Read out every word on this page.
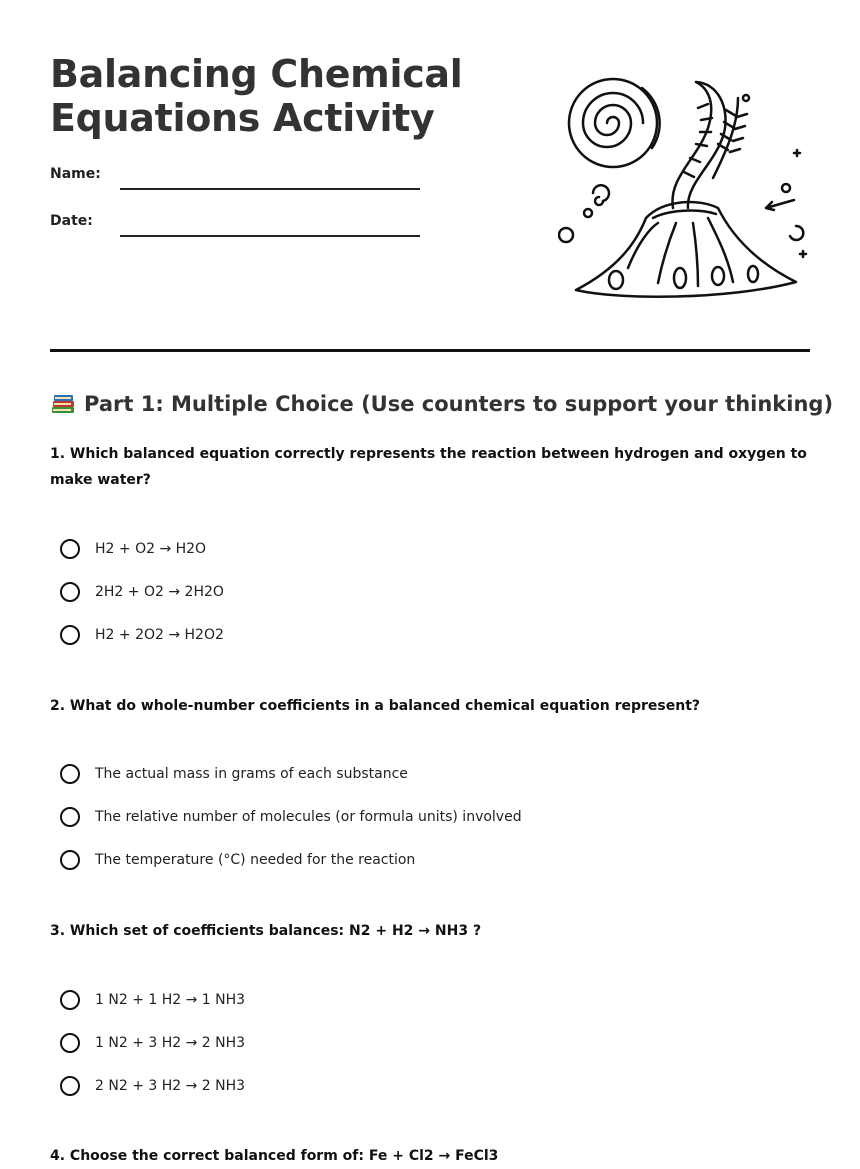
Balancing Chemical Equations Activity
Name:
Date:
Part 1: Multiple Choice (Use counters to support your thinking)

1. Which balanced equation correctly represents the reaction between hydrogen and oxygen to make water?

H2 + O2 → H2O
2H2 + O2 → 2H2O
H2 + 2O2 → H2O2

2. What do whole-number coefficients in a balanced chemical equation represent?

The actual mass in grams of each substance
The relative number of molecules (or formula units) involved
The temperature (°C) needed for the reaction

3. Which set of coefficients balances: N2 + H2 → NH3 ?

1 N2 + 1 H2 → 1 NH3
1 N2 + 3 H2 → 2 NH3
2 N2 + 3 H2 → 2 NH3

4. Choose the correct balanced form of: Fe + Cl2 → FeCl3
